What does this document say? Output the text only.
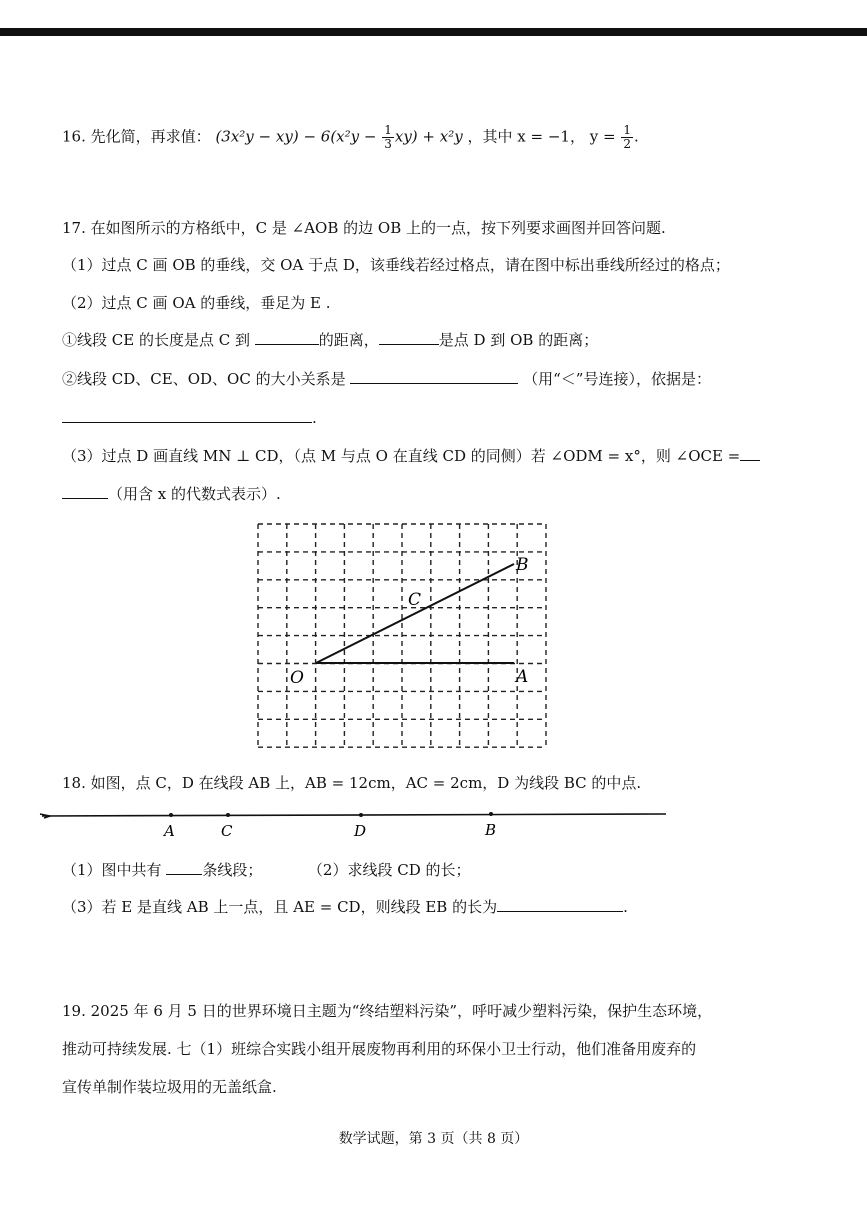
16. 先化简，再求值： $(3x^2y - xy) - 6(x^2y - \frac{1}{3} xy) + x^2y$ ，其中 x = −1， $y = \frac{1}{2}$ .
17. 在如图所示的方格纸中，C 是 ∠AOB 的边 OB 上的一点，按下列要求画图并回答问题.
（1）过点 C 画 OB 的垂线，交 OA 于点 D，该垂线若经过格点，请在图中标出垂线所经过的格点；
（2）过点 C 画 OA 的垂线，垂足为 E .
①线段 CE 的长度是点 C 到	的距离，	是点 D 到 OB 的距离；
②线段 CD、CE、OD、OC 的大小关系是	（用“＜”号连接），依据是：
.
（3）过点 D 画直线 MN ⊥ CD，（点 M 与点 O 在直线 CD 的同侧）若 ∠ODM = x°，则 ∠OCE =
（用含 x 的代数式表示）.
O	A
B
C
18. 如图，点 C，D 在线段 AB 上，AB = 12cm，AC = 2cm，D 为线段 BC 的中点.
A	C	D	B
（1）图中共有	条线段；	（2）求线段 CD 的长；
（3）若 E 是直线 AB 上一点，且 AE = CD，则线段 EB 的长为	.
19. 2025 年 6 月 5 日的世界环境日主题为“终结塑料污染”，呼吁减少塑料污染，保护生态环境，
推动可持续发展. 七（1）班综合实践小组开展废物再利用的环保小卫士行动，他们准备用废弃的
宣传单制作装垃圾用的无盖纸盒.
数学试题，第 3 页（共 8 页）
